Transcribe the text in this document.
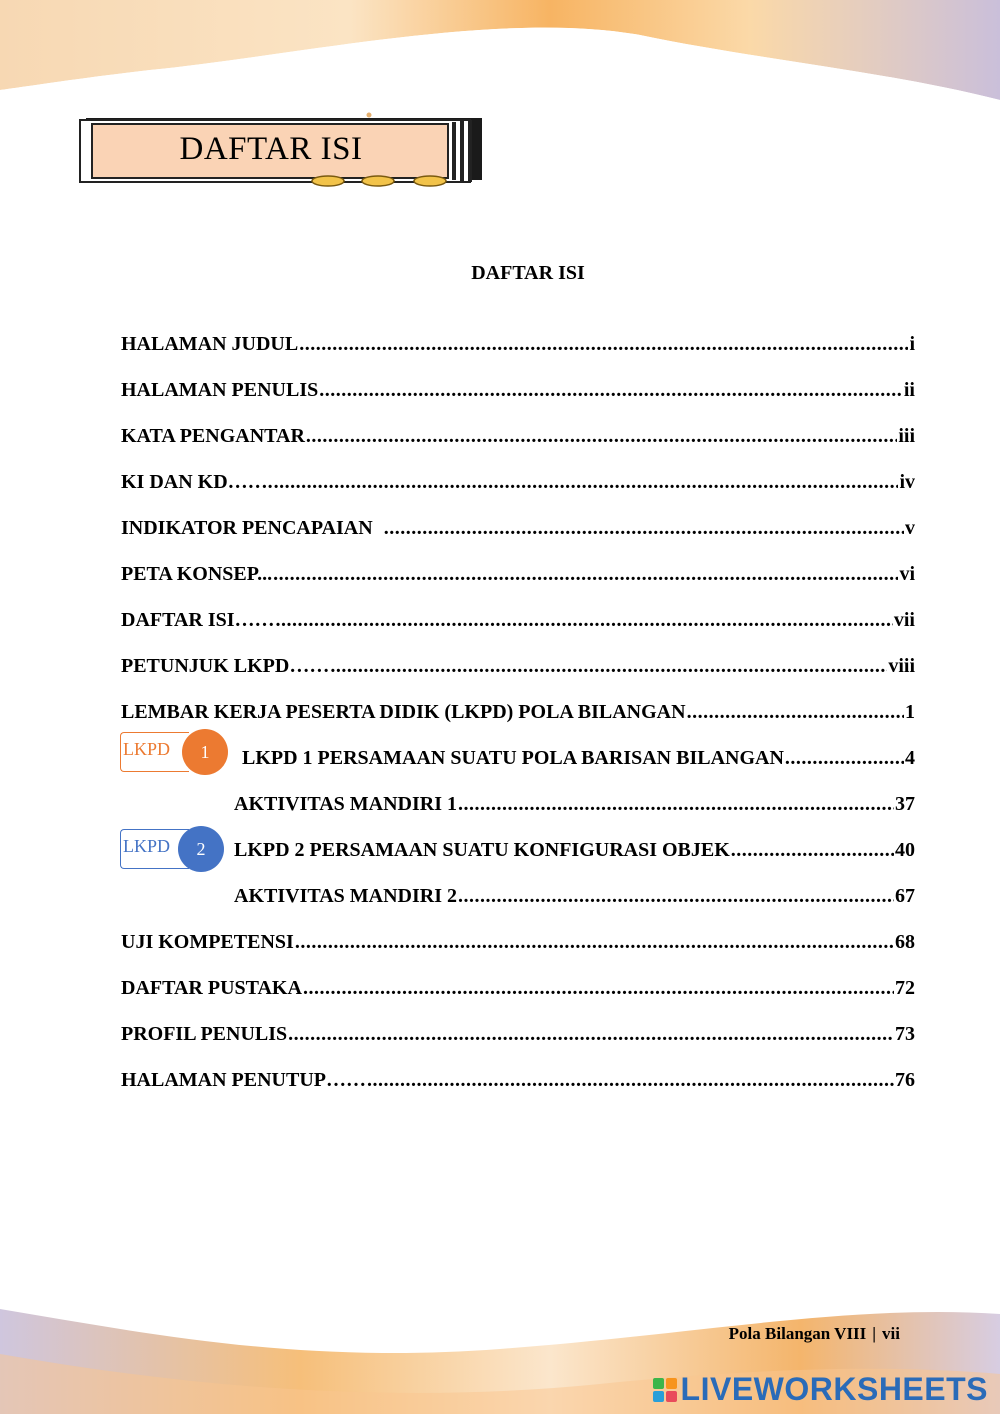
DAFTAR ISI
DAFTAR ISI
HALAMAN JUDUL .....	i
HALAMAN PENULIS .....	ii
KATA PENGANTAR .....	iii
KI DAN KD……. .....	iv
INDIKATOR PENCAPAIAN .....	v
PETA KONSEP... .....	vi
DAFTAR ISI…… .....	vii
PETUNJUK LKPD…… .....	viii
LEMBAR KERJA PESERTA DIDIK (LKPD) POLA BILANGAN .....	1
LKPD	1	LKPD 1 PERSAMAAN SUATU POLA BARISAN BILANGAN .....	4
AKTIVITAS MANDIRI 1 .....	37
LKPD	2	LKPD 2 PERSAMAAN SUATU KONFIGURASI OBJEK .....	40
AKTIVITAS MANDIRI 2 .....	67
UJI KOMPETENSI .....	68
DAFTAR PUSTAKA .....	72
PROFIL PENULIS .....	73
HALAMAN PENUTUP…… .....	76
Pola Bilangan VIII | vii
LIVEWORKSHEETS
